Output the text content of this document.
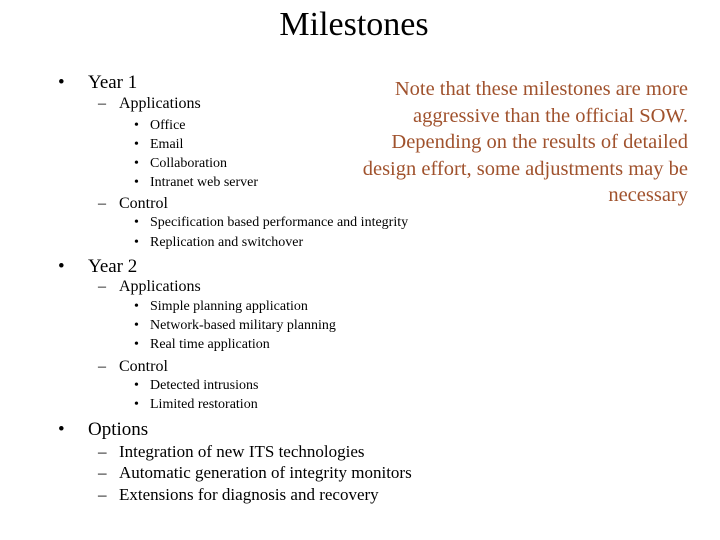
Milestones
• Year 1
– Applications
• Office
• Email
• Collaboration
• Intranet web server
– Control
• Specification based performance and integrity
• Replication and switchover
• Year 2
– Applications
• Simple planning application
• Network-based military planning
• Real time application
– Control
• Detected intrusions
• Limited restoration
• Options
– Integration of new ITS technologies
– Automatic generation of integrity monitors
– Extensions for diagnosis and recovery
Note that these milestones are more aggressive than the official SOW. Depending on the results of detailed design effort, some adjustments may be necessary
